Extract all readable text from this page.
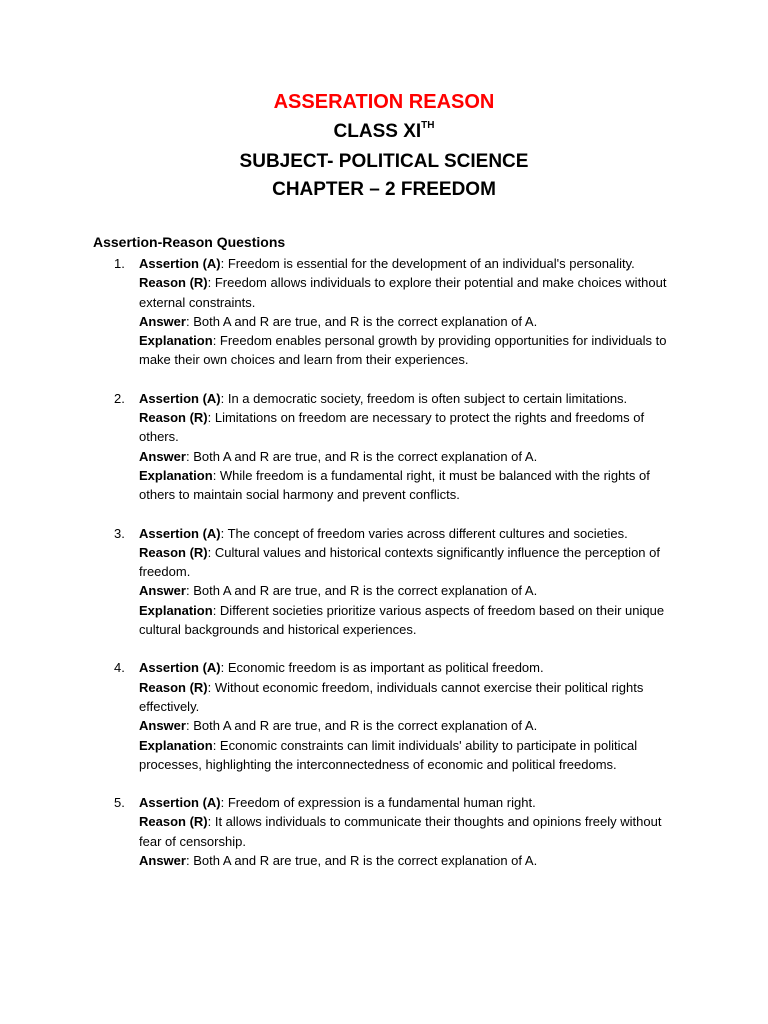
ASSERATION REASON
CLASS XITH
SUBJECT- POLITICAL SCIENCE
CHAPTER – 2 FREEDOM
Assertion-Reason Questions
1. Assertion (A): Freedom is essential for the development of an individual's personality.
Reason (R): Freedom allows individuals to explore their potential and make choices without external constraints.
Answer: Both A and R are true, and R is the correct explanation of A.
Explanation: Freedom enables personal growth by providing opportunities for individuals to make their own choices and learn from their experiences.
2. Assertion (A): In a democratic society, freedom is often subject to certain limitations.
Reason (R): Limitations on freedom are necessary to protect the rights and freedoms of others.
Answer: Both A and R are true, and R is the correct explanation of A.
Explanation: While freedom is a fundamental right, it must be balanced with the rights of others to maintain social harmony and prevent conflicts.
3. Assertion (A): The concept of freedom varies across different cultures and societies.
Reason (R): Cultural values and historical contexts significantly influence the perception of freedom.
Answer: Both A and R are true, and R is the correct explanation of A.
Explanation: Different societies prioritize various aspects of freedom based on their unique cultural backgrounds and historical experiences.
4. Assertion (A): Economic freedom is as important as political freedom.
Reason (R): Without economic freedom, individuals cannot exercise their political rights effectively.
Answer: Both A and R are true, and R is the correct explanation of A.
Explanation: Economic constraints can limit individuals' ability to participate in political processes, highlighting the interconnectedness of economic and political freedoms.
5. Assertion (A): Freedom of expression is a fundamental human right.
Reason (R): It allows individuals to communicate their thoughts and opinions freely without fear of censorship.
Answer: Both A and R are true, and R is the correct explanation of A.
